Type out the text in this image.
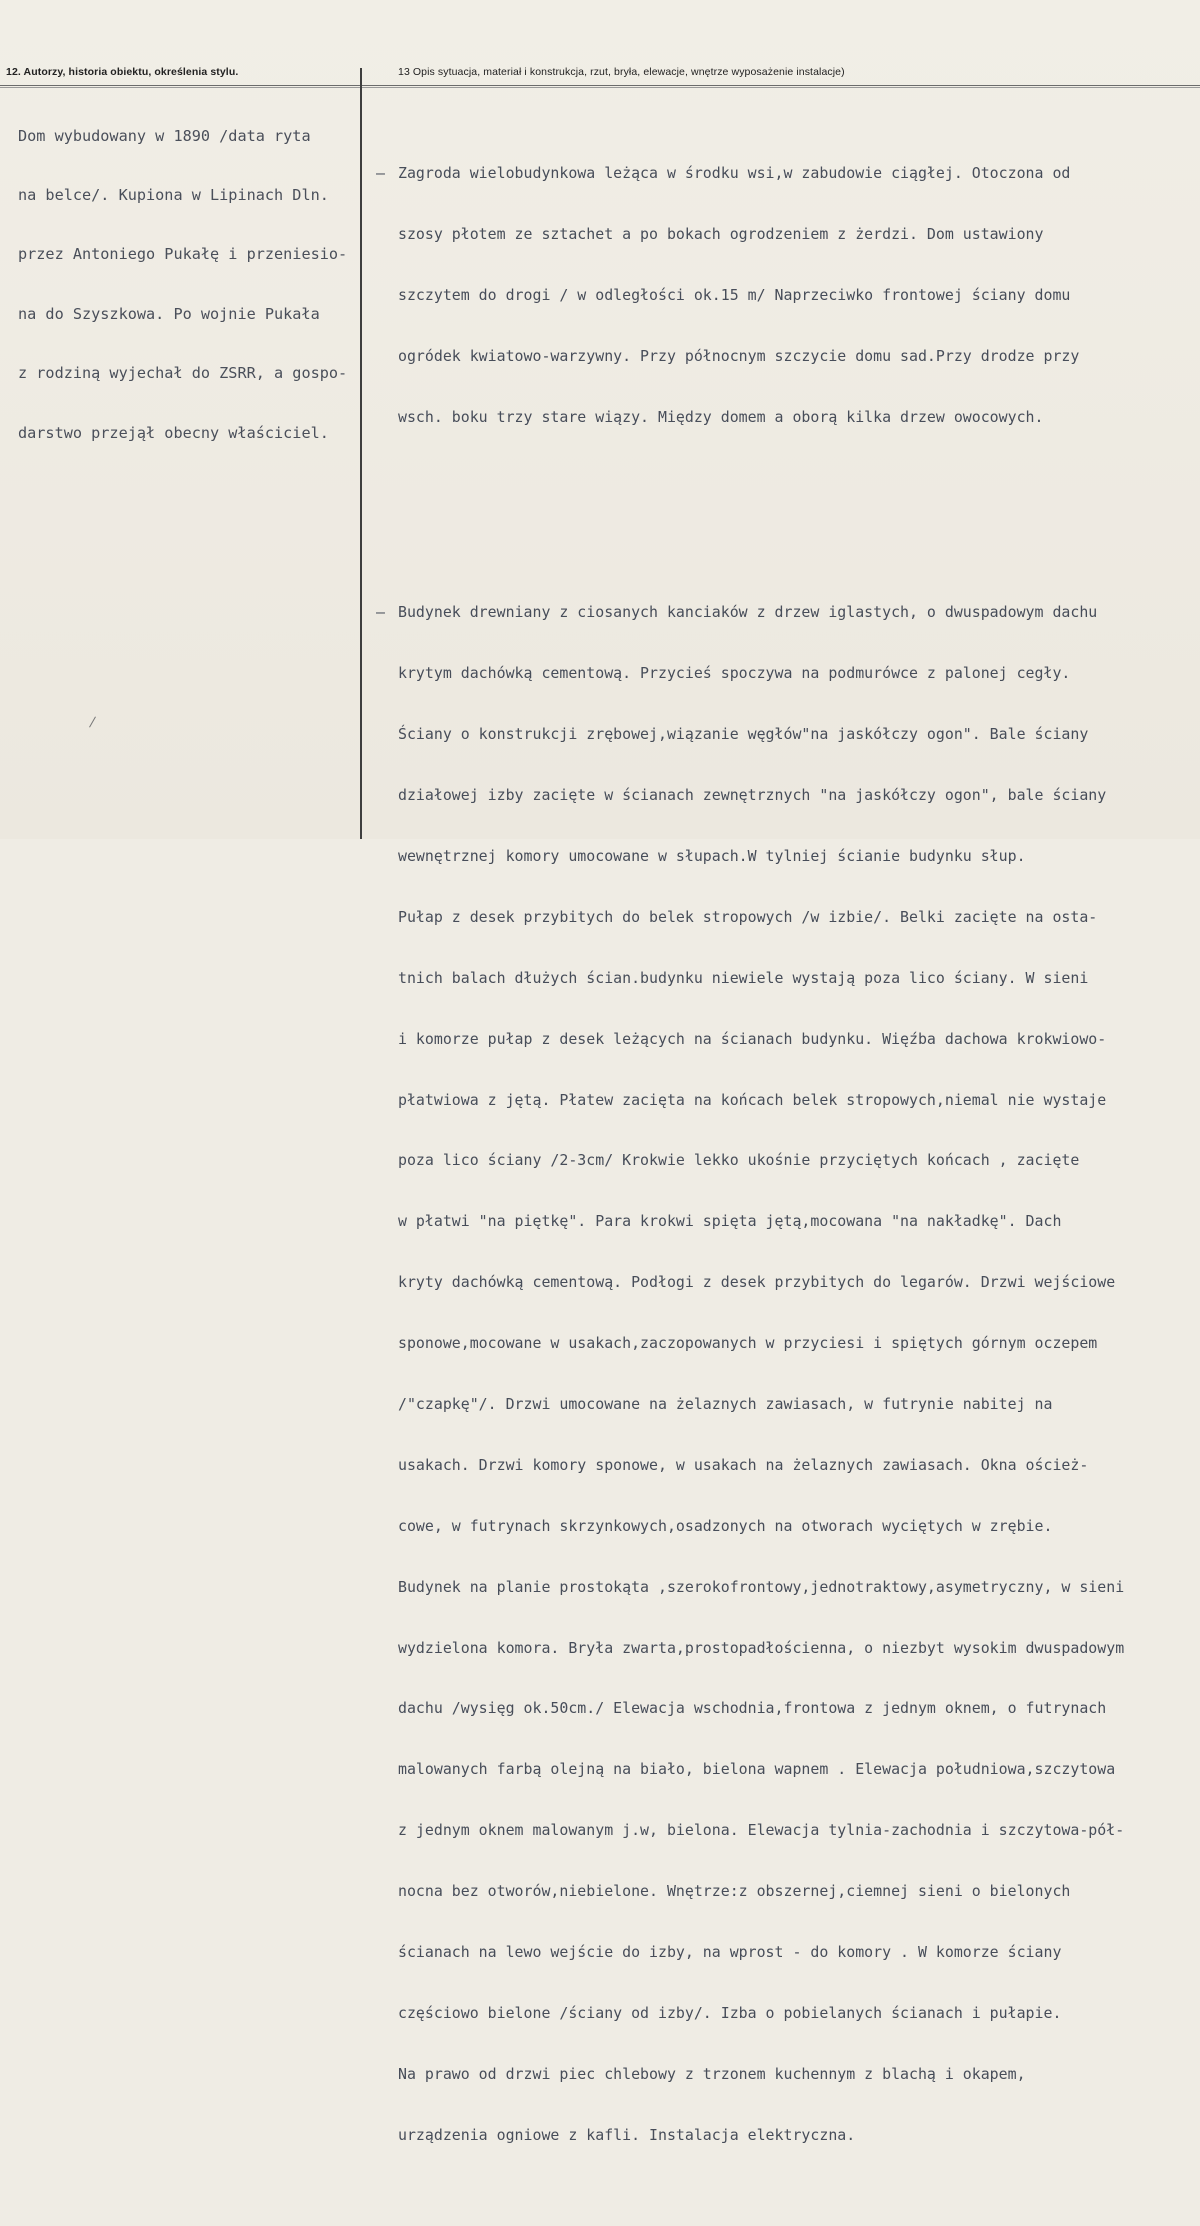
12. Autorzy, historia obiektu, określenia stylu.	13 Opis sytuacja, materiał i konstrukcja, rzut, bryła, elewacje, wnętrze wyposażenie instalacje)

Dom wybudowany w 1890 /data ryta

na belce/. Kupiona w Lipinach Dln.

przez Antoniego Pukałę i przeniesio-

na do Szyszkowa. Po wojnie Pukała

z rodziną wyjechał do ZSRR, a gospo-

darstwo przejął obecny właściciel.

– Zagroda wielobudynkowa leżąca w środku wsi,w zabudowie ciągłej. Otoczona od

szosy płotem ze sztachet a po bokach ogrodzeniem z żerdzi. Dom ustawiony

szczytem do drogi / w odległości ok.15 m/ Naprzeciwko frontowej ściany domu

ogródek kwiatowo-warzywny. Przy północnym szczycie domu sad.Przy drodze przy

wsch. boku trzy stare wiązy. Między domem a oborą kilka drzew owocowych.

– Budynek drewniany z ciosanych kanciaków z drzew iglastych, o dwuspadowym dachu

krytym dachówką cementową. Przyciеś spoczywa na podmurówce z palonej cegły.

Ściany o konstrukcji zrębowej,wiązanie węgłów"na jaskółczy ogon". Bale ściany

działowej izby zacięte w ścianach zewnętrznych "na jaskółczy ogon", bale ściany

wewnętrznej komory umocowane w słupach.W tylniej ścianie budynku słup.

Pułap z desek przybitych do belek stropowych /w izbie/. Belki zacięte na osta-

tnich balach dłużych ścian.budynku niewiele wystają poza lico ściany. W sieni

i komorze pułap z desek leżących na ścianach budynku. Więźba dachowa krokwiowo-

płatwiowa z jętą. Płatew zacięta na końcach belek stropowych,niemal nie wystaje

poza lico ściany /2-3cm/ Krokwie lekko ukośnie przyciętych końcach , zacięte

w płatwi "na piętkę". Para krokwi spięta jętą,mocowana "na nakładkę". Dach

kryty dachówką cementową. Podłogi z desek przybitych do legarów. Drzwi wejściowe

sponowe,mocowane w usakach,zaczopowanych w przyciesi i spiętych górnym oczepem

/"czapkę"/. Drzwi umocowane na żelaznych zawiasach, w futrynie nabitej na

usakach. Drzwi komory sponowe, w usakach na żelaznych zawiasach. Okna oścież-

cowe, w futrynach skrzynkowych,osadzonych na otworach wyciętych w zrębie.

Budynek na planie prostokąta ,szerokofrontowy,jednotraktowy,asymetryczny, w sieni

wydzielona komora. Bryła zwarta,prostopadłościenna, o niezbyt wysokim dwuspadowym

dachu /wysięg ok.50cm./ Elewacja wschodnia,frontowa z jednym oknem, o futrynach

malowanych farbą olejną na biało, bielona wapnem . Elewacja południowa,szczytowa

z jednym oknem malowanym j.w, bielona. Elewacja tylnia-zachodnia i szczytowa-pół-

nocna bez otworów,niebielone. Wnętrze:z obszernej,ciemnej sieni o bielonych

ścianach na lewo wejście do izby, na wprost - do komory . W komorze ściany

częściowo bielone /ściany od izby/. Izba o pobielanych ścianach i pułapie.

Na prawo od drzwi piec chlebowy z trzonem kuchennym z blachą i okapem,

urządzenia ogniowe z kafli. Instalacja elektryczna.
